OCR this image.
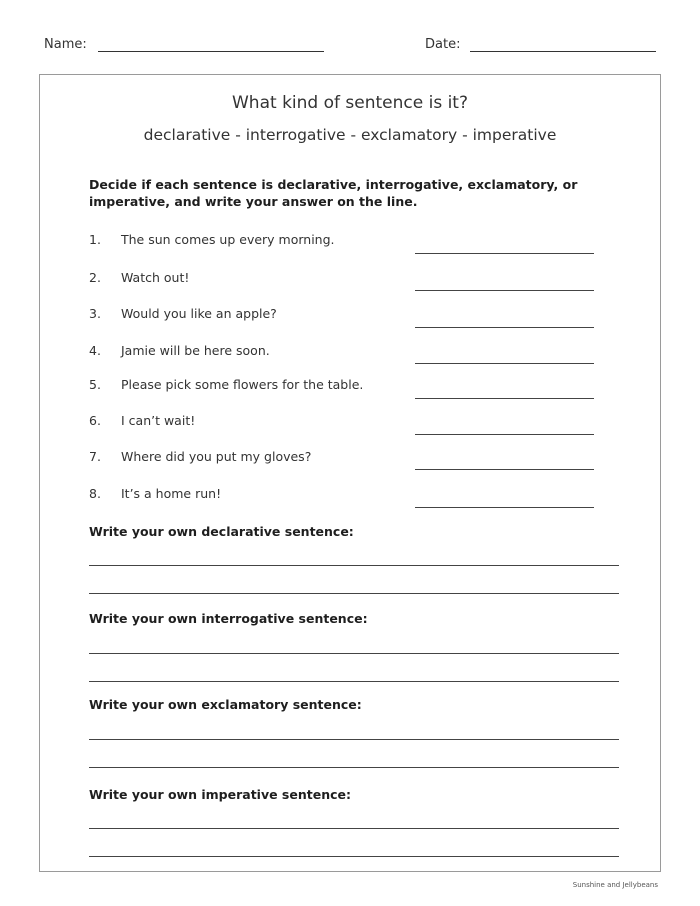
Name:	Date:
What kind of sentence is it?
declarative - interrogative - exclamatory - imperative
Decide if each sentence is declarative, interrogative, exclamatory, or imperative, and write your answer on the line.
1.	The sun comes up every morning.
2.	Watch out!
3.	Would you like an apple?
4.	Jamie will be here soon.
5.	Please pick some flowers for the table.
6.	I can’t wait!
7.	Where did you put my gloves?
8.	It’s a home run!
Write your own declarative sentence:
Write your own interrogative sentence:
Write your own exclamatory sentence:
Write your own imperative sentence:
Sunshine and Jellybeans
